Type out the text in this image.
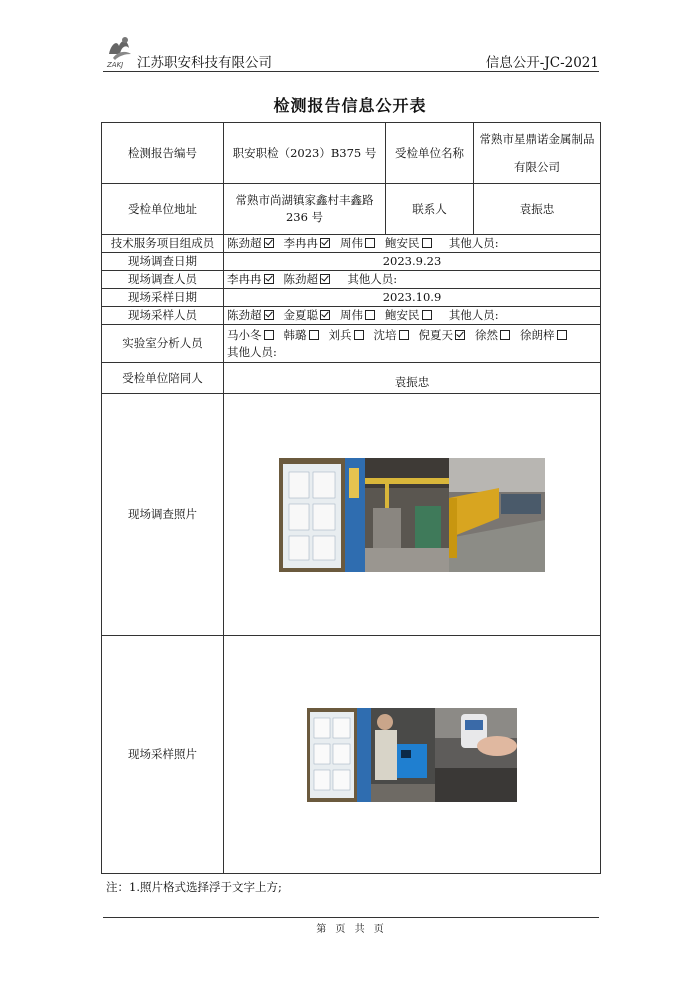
ZAKJ 江苏职安科技有限公司	信息公开-JC-2021
检测报告信息公开表
检测报告编号	职安职检（2023）B375 号	受检单位名称	常熟市星鼎诺金属制品有限公司
受检单位地址	常熟市尚湖镇家鑫村丰鑫路 236 号	联系人	袁振忠
技术服务项目组成员	陈劲超 李冉冉 周伟 鲍安民 其他人员:		
现场调查日期	2023.9.23		
现场调查人员	李冉冉 陈劲超 其他人员:		
现场采样日期	2023.10.9		
现场采样人员	陈劲超 金夏聪 周伟 鲍安民 其他人员:		
实验室分析人员	马小冬 韩璐 刘兵 沈培 倪夏天 徐然 徐朗梓
其他人员:		

受检单位陪同人	袁振忠		
现场调查照片	

现场采样照片	
注：1.照片格式选择浮于文字上方;
第 页 共 页
